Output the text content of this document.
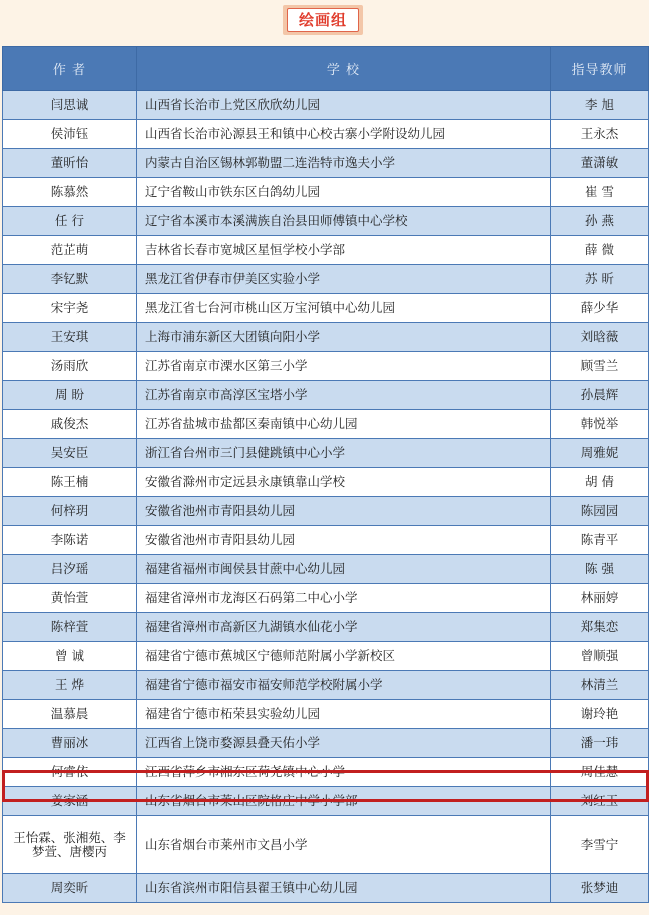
绘画组
作 者	学 校	指导教师
闫思诚	山西省长治市上党区欣欣幼儿园	李 旭
侯沛钰	山西省长治市沁源县王和镇中心校古寨小学附设幼儿园	王永杰
董昕怡	内蒙古自治区锡林郭勒盟二连浩特市逸夫小学	董潇敏
陈慕然	辽宁省鞍山市铁东区白鸽幼儿园	崔 雪
任 行	辽宁省本溪市本溪满族自治县田师傅镇中心学校	孙 燕
范芷萌	吉林省长春市宽城区星恒学校小学部	薛 微
李钇默	黑龙江省伊春市伊美区实验小学	苏 昕
宋宇尧	黑龙江省七台河市桃山区万宝河镇中心幼儿园	薛少华
王安琪	上海市浦东新区大团镇向阳小学	刘晗薇
汤雨欣	江苏省南京市溧水区第三小学	顾雪兰
周 盼	江苏省南京市高淳区宝塔小学	孙晨辉
戚俊杰	江苏省盐城市盐都区秦南镇中心幼儿园	韩悦举
吴安臣	浙江省台州市三门县健跳镇中心小学	周雅妮
陈王楠	安徽省滁州市定远县永康镇靠山学校	胡 倩
何梓玥	安徽省池州市青阳县幼儿园	陈园园
李陈诺	安徽省池州市青阳县幼儿园	陈青平
吕汐瑶	福建省福州市闽侯县甘蔗中心幼儿园	陈 强
黄怡萱	福建省漳州市龙海区石码第二中心小学	林丽婷
陈梓萱	福建省漳州市高新区九湖镇水仙花小学	郑集恋
曾 诚	福建省宁德市蕉城区宁德师范附属小学新校区	曾顺强
王 烨	福建省宁德市福安市福安师范学校附属小学	林清兰
温慕晨	福建省宁德市柘荣县实验幼儿园	谢玲艳
曹丽冰	江西省上饶市婺源县叠天佑小学	潘一玮
何睿依	江西省萍乡市湘东区荷尧镇中心小学	周佳慧
姜家涵	山东省烟台市莱山区院格庄中学小学部	刘红玉
王怡霖、张湘苑、李梦萱、唐樱丙	山东省烟台市莱州市文昌小学	李雪宁
周奕昕	山东省滨州市阳信县翟王镇中心幼儿园	张梦迪
